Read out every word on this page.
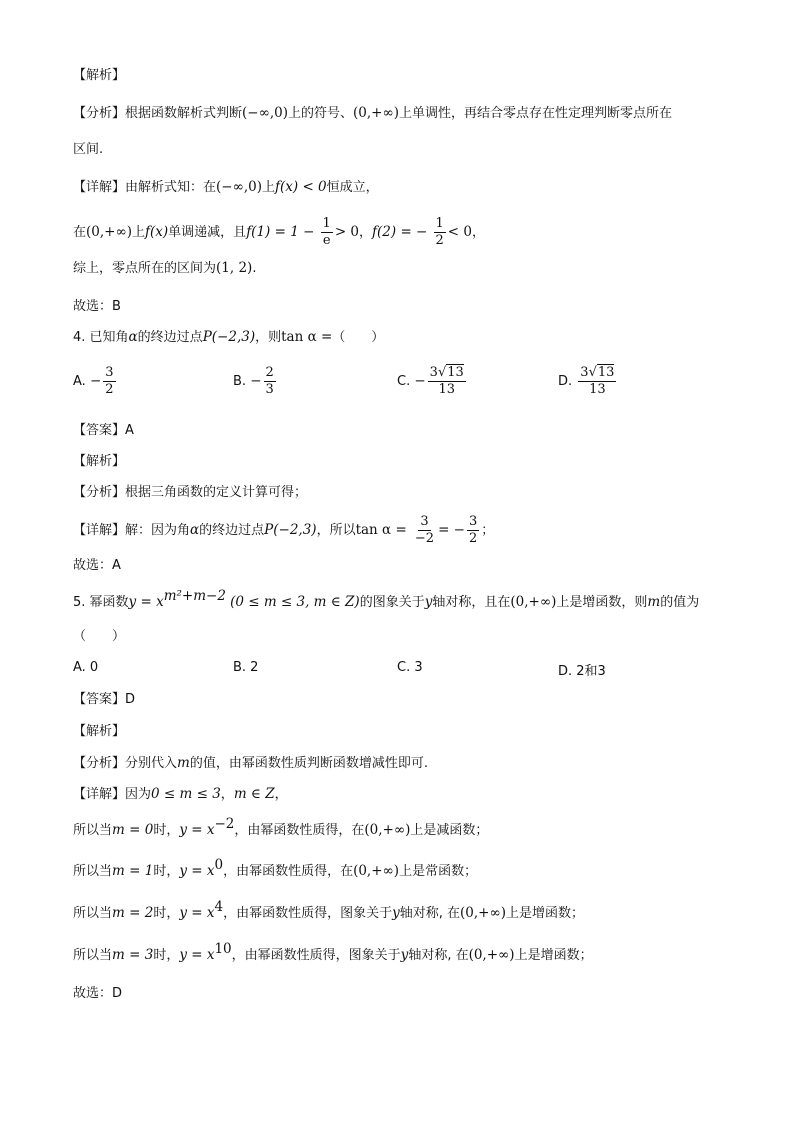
【解析】
【分析】根据函数解析式判断(−∞,0)上的符号、(0,+∞)上单调性，再结合零点存在性定理判断零点所在
区间.
【详解】由解析式知：在(−∞,0)上f(x) < 0恒成立，
在(0,+∞)上f(x)单调递减，且$f(1) = 1 - \frac{1}{e} > 0$，f(2) = − $\frac{1}{2} < 0$，
综上，零点所在的区间为(1, 2).
故选：B
4. 已知角α的终边过点P(−2,3)，则tan α =（　　）
A. − $\frac{3}{2}$	B. − $\frac{2}{3}$	C. − $\frac{3√13}{13}$	D. $\frac{3√13}{13}$
【答案】A
【解析】
【分析】根据三角函数的定义计算可得；
【详解】解：因为角α的终边过点P(−2,3)，所以$\tan \alpha = \frac{3}{-2}$ = − $\frac{3}{2}$ ；
故选：A
5. 幂函数$y = x^{m^2+m-2}$ (0 ≤ m ≤ 3, m ∈ Z)的图象关于y轴对称，且在(0,+∞)上是增函数，则m的值为
（　　）
A. 0	B. 2	C. 3	D. 2和3
【答案】D
【解析】
【分析】分别代入m的值，由幂函数性质判断函数增减性即可.
【详解】因为0 ≤ m ≤ 3，m ∈ Z，
所以当m = 0时，$y = x^{-2}$，由幂函数性质得，在(0,+∞)上是减函数；
所以当m = 1时，$y = x^0$，由幂函数性质得，在(0,+∞)上是常函数；
所以当m = 2时，$y = x^4$，由幂函数性质得，图象关于y轴对称, 在(0,+∞)上是增函数；
所以当m = 3时，$y = x^{10}$，由幂函数性质得，图象关于y轴对称, 在(0,+∞)上是增函数；
故选：D
